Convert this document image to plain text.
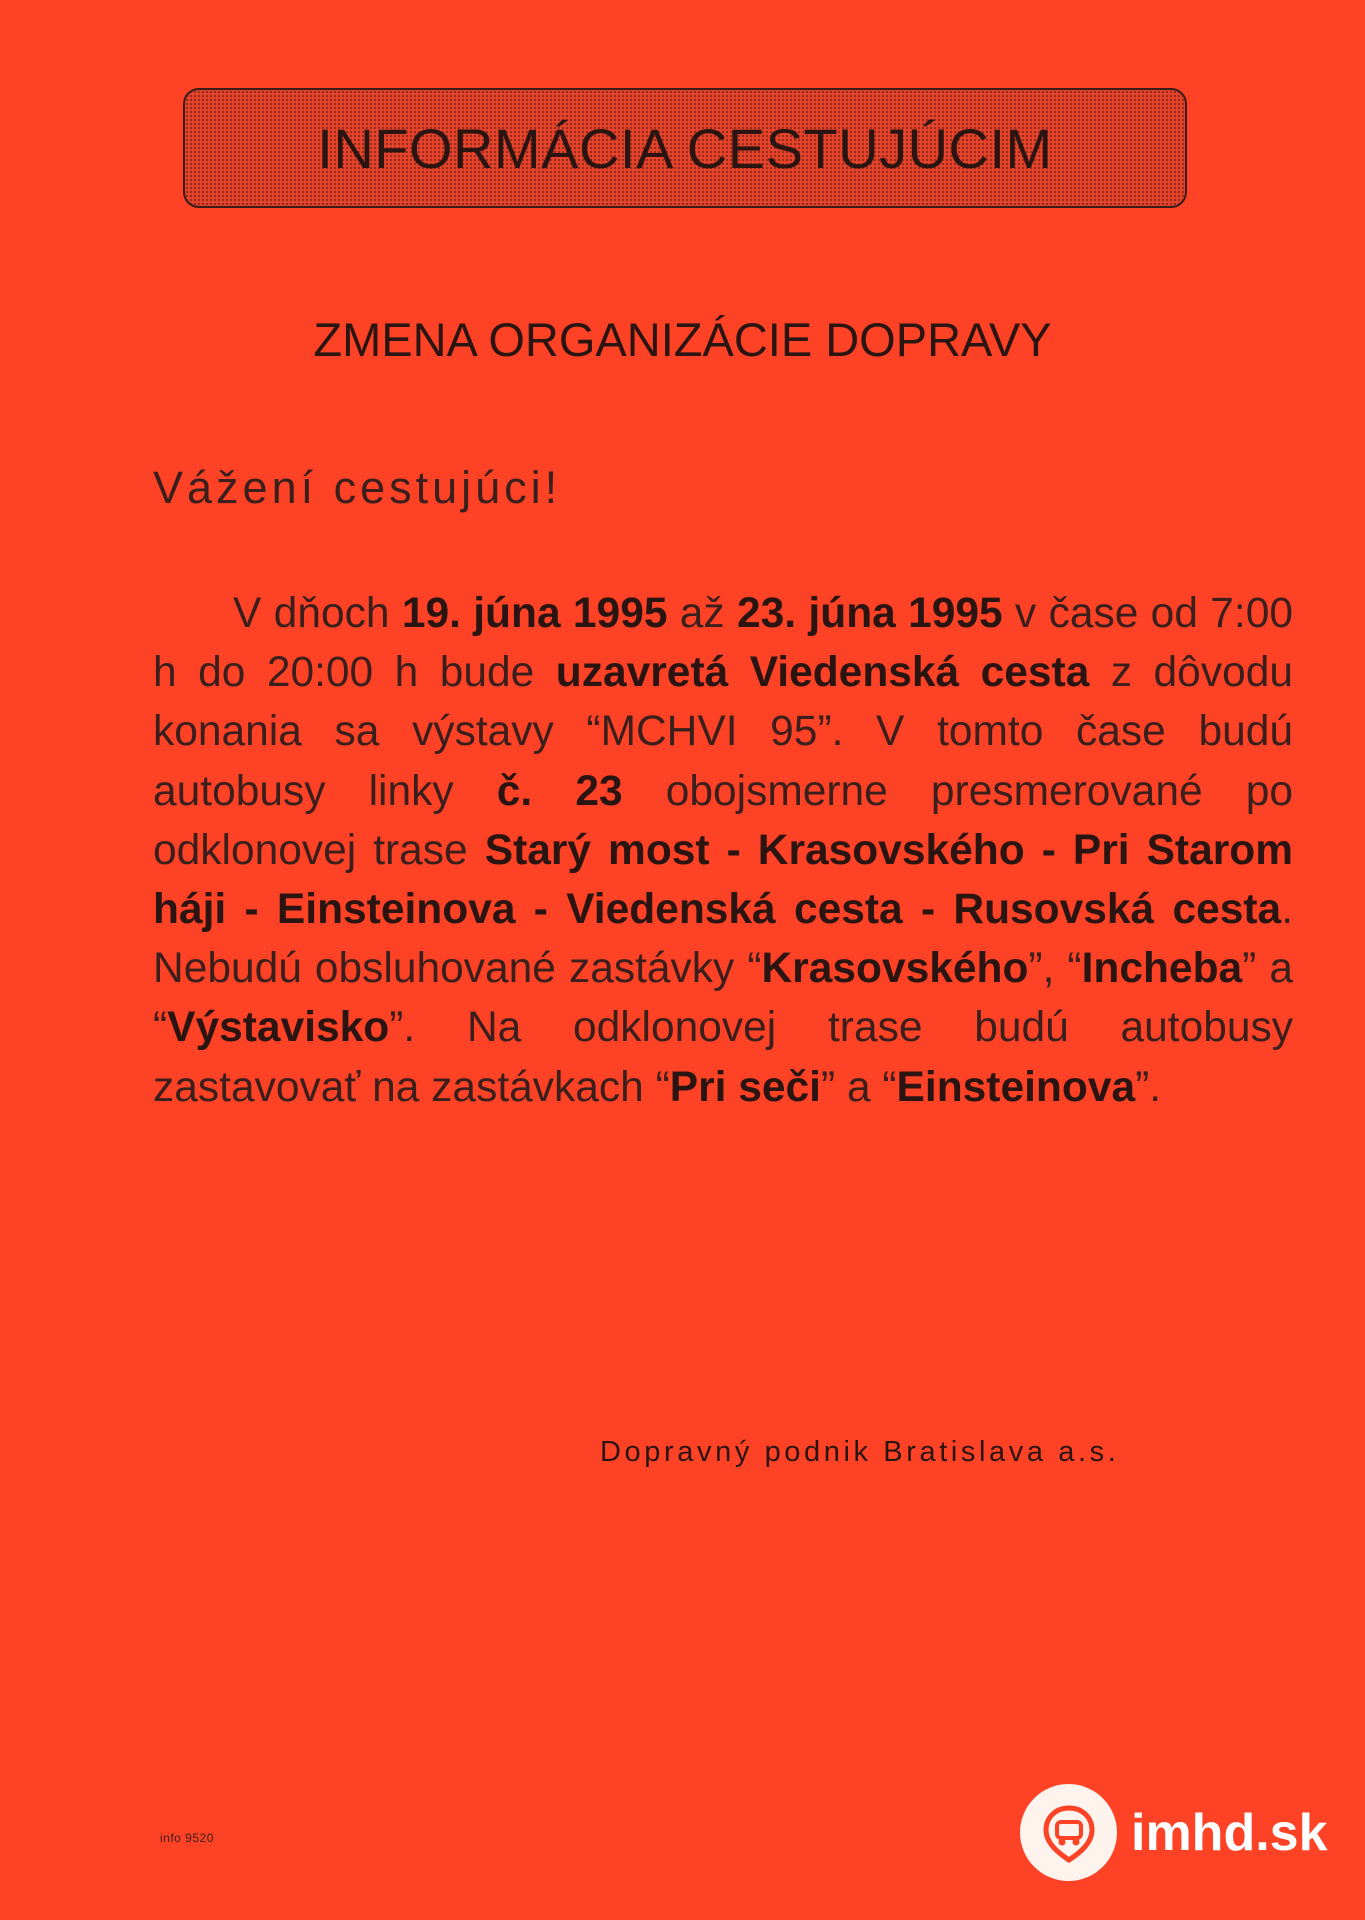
INFORMÁCIA CESTUJÚCIM
ZMENA ORGANIZÁCIE DOPRAVY
Vážení cestujúci!
V dňoch 19. júna 1995 až 23. júna 1995 v čase od 7:00 h do 20:00 h bude uzavretá Viedenská cesta z dôvodu konania sa výstavy “MCHVI 95”. V tomto čase budú autobusy linky č. 23 obojsmerne presmerované po odklonovej trase Starý most - Krasovského - Pri Starom háji - Einsteinova - Viedenská cesta - Rusovská cesta. Nebudú obsluhované zastávky “Krasovského”, “Incheba” a “Výstavisko”. Na odklonovej trase budú autobusy zastavovať na zastávkach “Pri seči” a “Einsteinova”.
Dopravný podnik Bratislava a.s.
info 9520	imhd.sk
